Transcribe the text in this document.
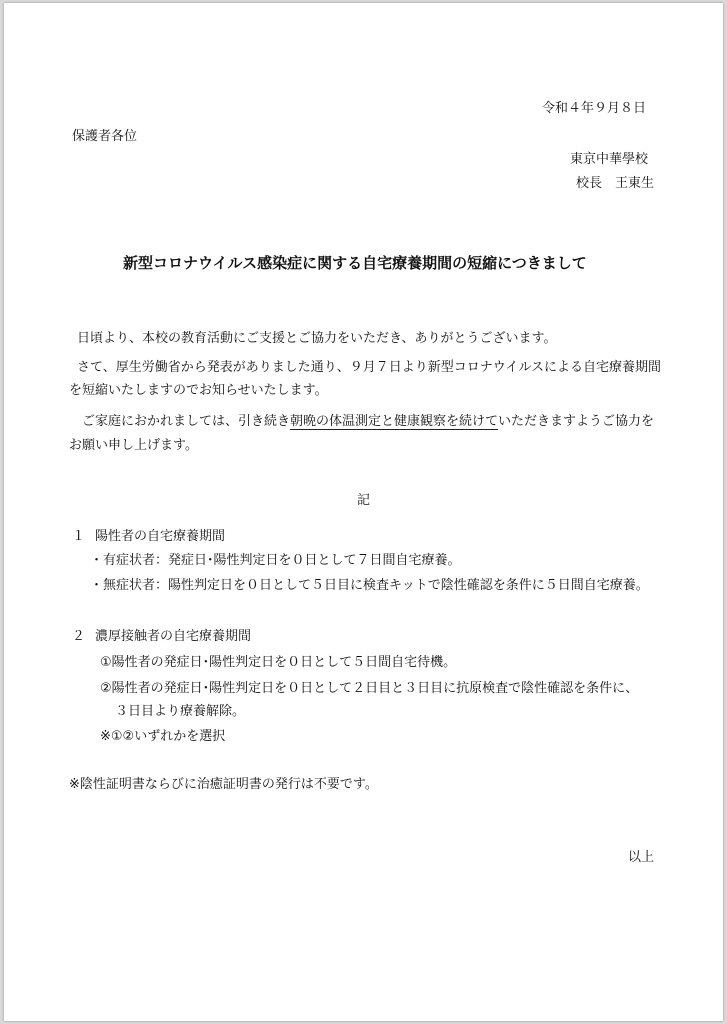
令和４年９月８日
保護者各位
東京中華學校
校長　王東生
新型コロナウイルス感染症に関する自宅療養期間の短縮につきまして
日頃より、本校の教育活動にご支援とご協力をいただき、ありがとうございます。
さて、厚生労働省から発表がありました通り、９月７日より新型コロナウイルスによる自宅療養期間
を短縮いたしますのでお知らせいたします。
ご家庭におかれましては、引き続き朝晩の体温測定と健康観察を続けていただきますようご協力を
お願い申し上げます。
記
１ 陽性者の自宅療養期間
・有症状者：発症日･陽性判定日を０日として７日間自宅療養。
・無症状者：陽性判定日を０日として５日目に検査キットで陰性確認を条件に５日間自宅療養。
２ 濃厚接触者の自宅療養期間
①陽性者の発症日･陽性判定日を０日として５日間自宅待機。
②陽性者の発症日･陽性判定日を０日として２日目と３日目に抗原検査で陰性確認を条件に、
３日目より療養解除。
※①②いずれかを選択
※陰性証明書ならびに治癒証明書の発行は不要です。
以上
